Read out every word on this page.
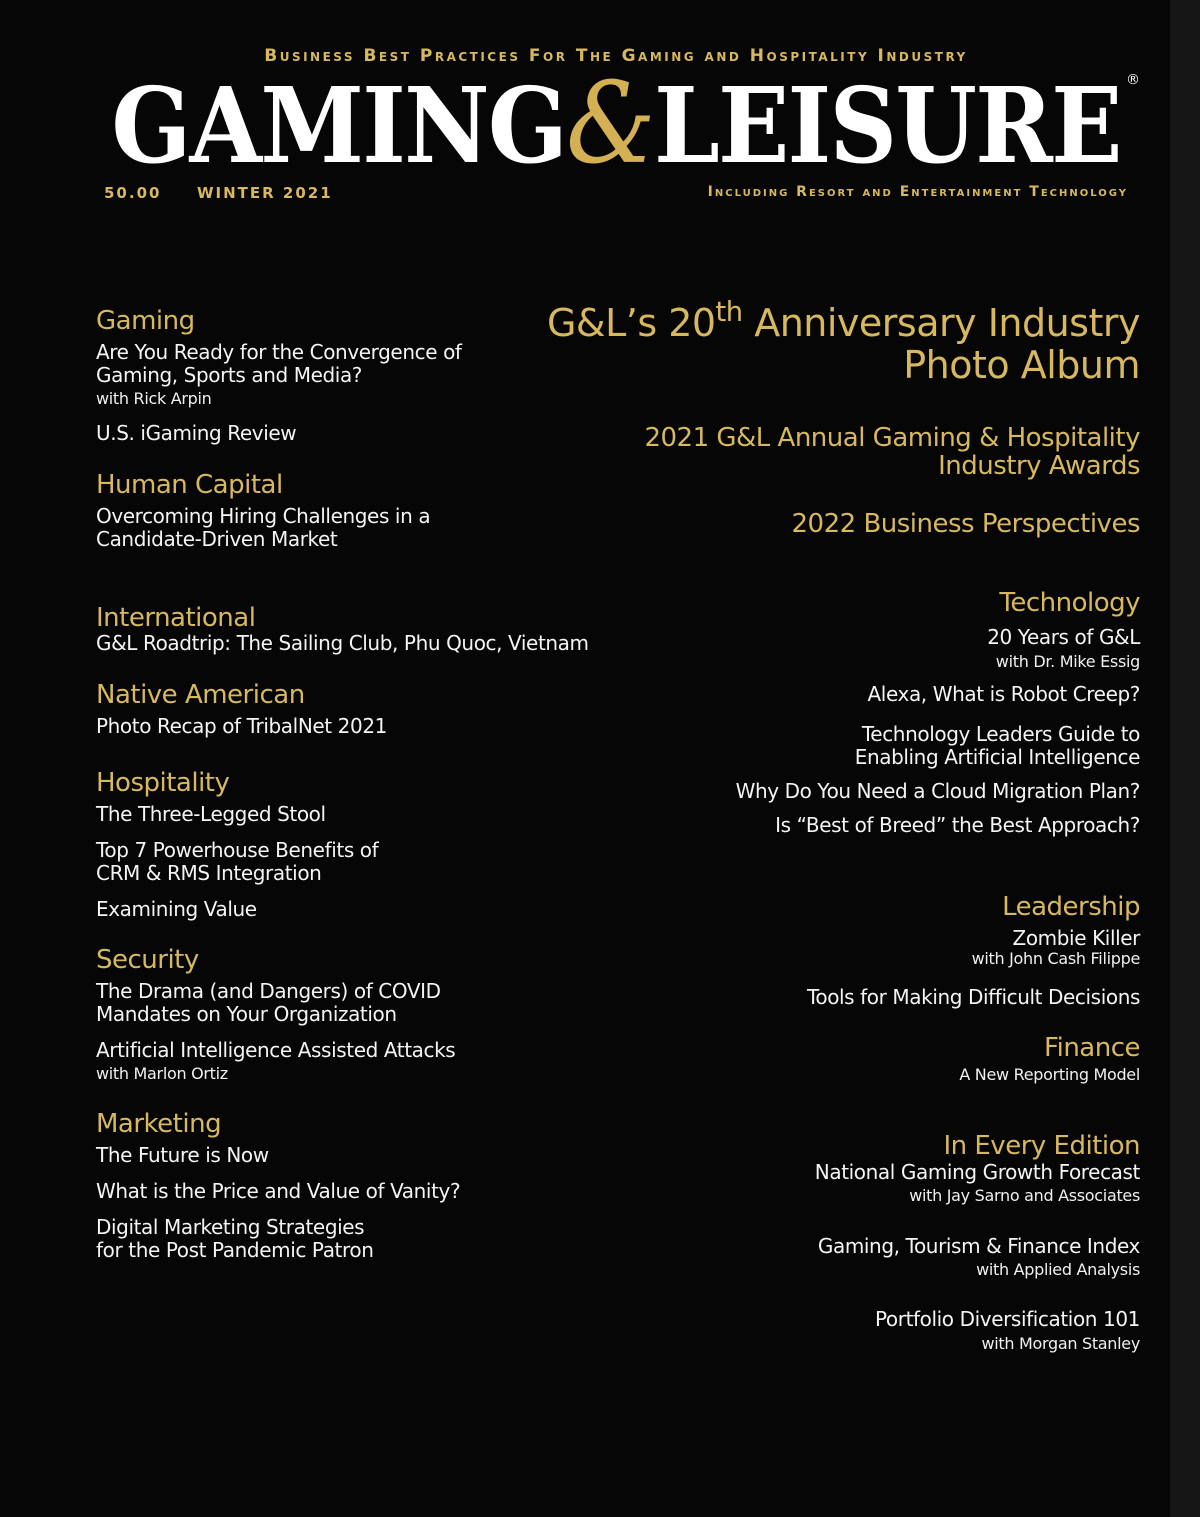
Business Best Practices For The Gaming and Hospitality Industry
GAMING&LEISURE ®
50.00 WINTER 2021	Including Resort and Entertainment Technology
Gaming
Are You Ready for the Convergence of
Gaming, Sports and Media?
with Rick Arpin
U.S. iGaming Review
Human Capital
Overcoming Hiring Challenges in a
Candidate-Driven Market
International
G&L Roadtrip: The Sailing Club, Phu Quoc, Vietnam
Native American
Photo Recap of TribalNet 2021
Hospitality
The Three-Legged Stool
Top 7 Powerhouse Benefits of
CRM & RMS Integration
Examining Value
Security
The Drama (and Dangers) of COVID
Mandates on Your Organization
Artificial Intelligence Assisted Attacks
with Marlon Ortiz
Marketing
The Future is Now
What is the Price and Value of Vanity?
Digital Marketing Strategies
for the Post Pandemic Patron
G&L’s 20th Anniversary Industry
Photo Album
2021 G&L Annual Gaming & Hospitality
Industry Awards
2022 Business Perspectives
Technology
20 Years of G&L
with Dr. Mike Essig
Alexa, What is Robot Creep?
Technology Leaders Guide to
Enabling Artificial Intelligence
Why Do You Need a Cloud Migration Plan?
Is “Best of Breed” the Best Approach?
Leadership
Zombie Killer
with John Cash Filippe
Tools for Making Difficult Decisions
Finance
A New Reporting Model
In Every Edition
National Gaming Growth Forecast
with Jay Sarno and Associates
Gaming, Tourism & Finance Index
with Applied Analysis
Portfolio Diversification 101
with Morgan Stanley
